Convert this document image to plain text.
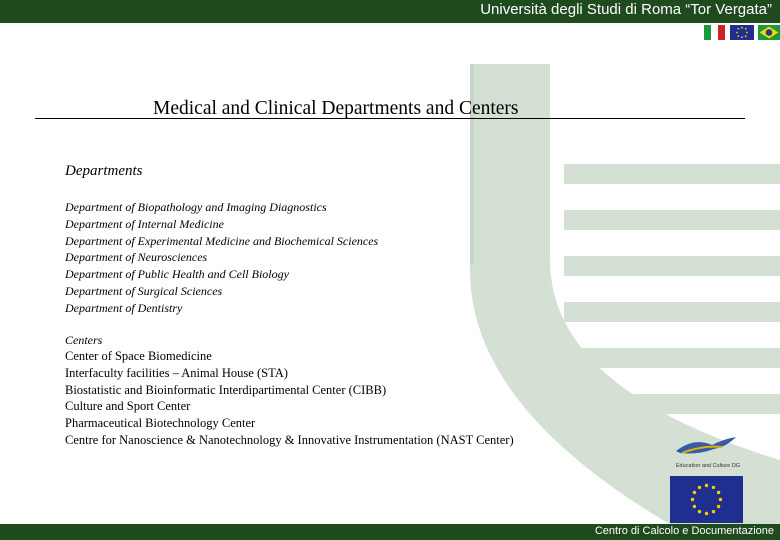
Università degli Studi di Roma “Tor Vergata”
Medical and Clinical Departments and Centers
Departments
Department of Biopathology and Imaging Diagnostics
Department of Internal Medicine
Department of Experimental Medicine and Biochemical Sciences
Department of Neurosciences
Department of Public Health and Cell Biology
Department of Surgical Sciences
Department of Dentistry
Centers
Center of Space Biomedicine
Interfaculty facilities – Animal House (STA)
Biostatistic and Bioinformatic Interdipartimental Center (CIBB)
Culture and Sport Center
Pharmaceutical Biotechnology Center
Centre for Nanoscience & Nanotechnology & Innovative Instrumentation (NAST Center)
Education and Culture DG
Centro di Calcolo e Documentazione
